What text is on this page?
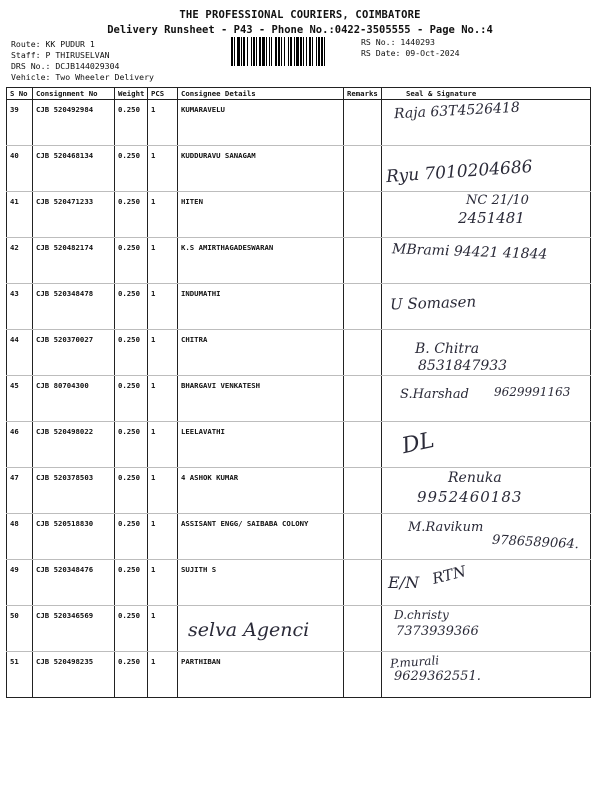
THE PROFESSIONAL COURIERS, COIMBATORE
Delivery Runsheet - P43 - Phone No.:0422-3505555 - Page No.:4
Route: KK PUDUR 1
Staff: P THIRUSELVAN
DRS No.: DCJB144029304
Vehicle: Two Wheeler Delivery
RS No.: 1440293
RS Date: 09-Oct-2024
S No	Consignment No	Weight	PCS	Consignee Details	Remarks	Seal & Signature
39	CJB 520492984	0.250	1	KUMARAVELU		Raja 63T4526418

40	CJB 520468134	0.250	1	KUDDURAVU SANAGAM		Ryu 7010204686

41	CJB 520471233	0.250	1	HITEN		NC 21/10
2451481

42	CJB 520482174	0.250	1	K.S AMIRTHAGADESWARAN		MBrami 94421 41844

43	CJB 520348478	0.250	1	INDUMATHI		U Somasen

44	CJB 520370027	0.250	1	CHITRA		B. Chitra
8531847933

45	CJB 80704300	0.250	1	BHARGAVI VENKATESH		S.Harshad 9629991163

46	CJB 520498022	0.250	1	LEELAVATHI		DL

47	CJB 520378503	0.250	1	4 ASHOK KUMAR		Renuka
9952460183

48	CJB 520518830	0.250	1	ASSISANT ENGG/ SAIBABA COLONY		M.Ravikum
9786589064.

49	CJB 520348476	0.250	1	SUJITH S		E/N RTN

50	CJB 520346569	0.250	1	selva Agenci		D.christy
7373939366

51	CJB 520498235	0.250	1	PARTHIBAN		P.murali
9629362551.
